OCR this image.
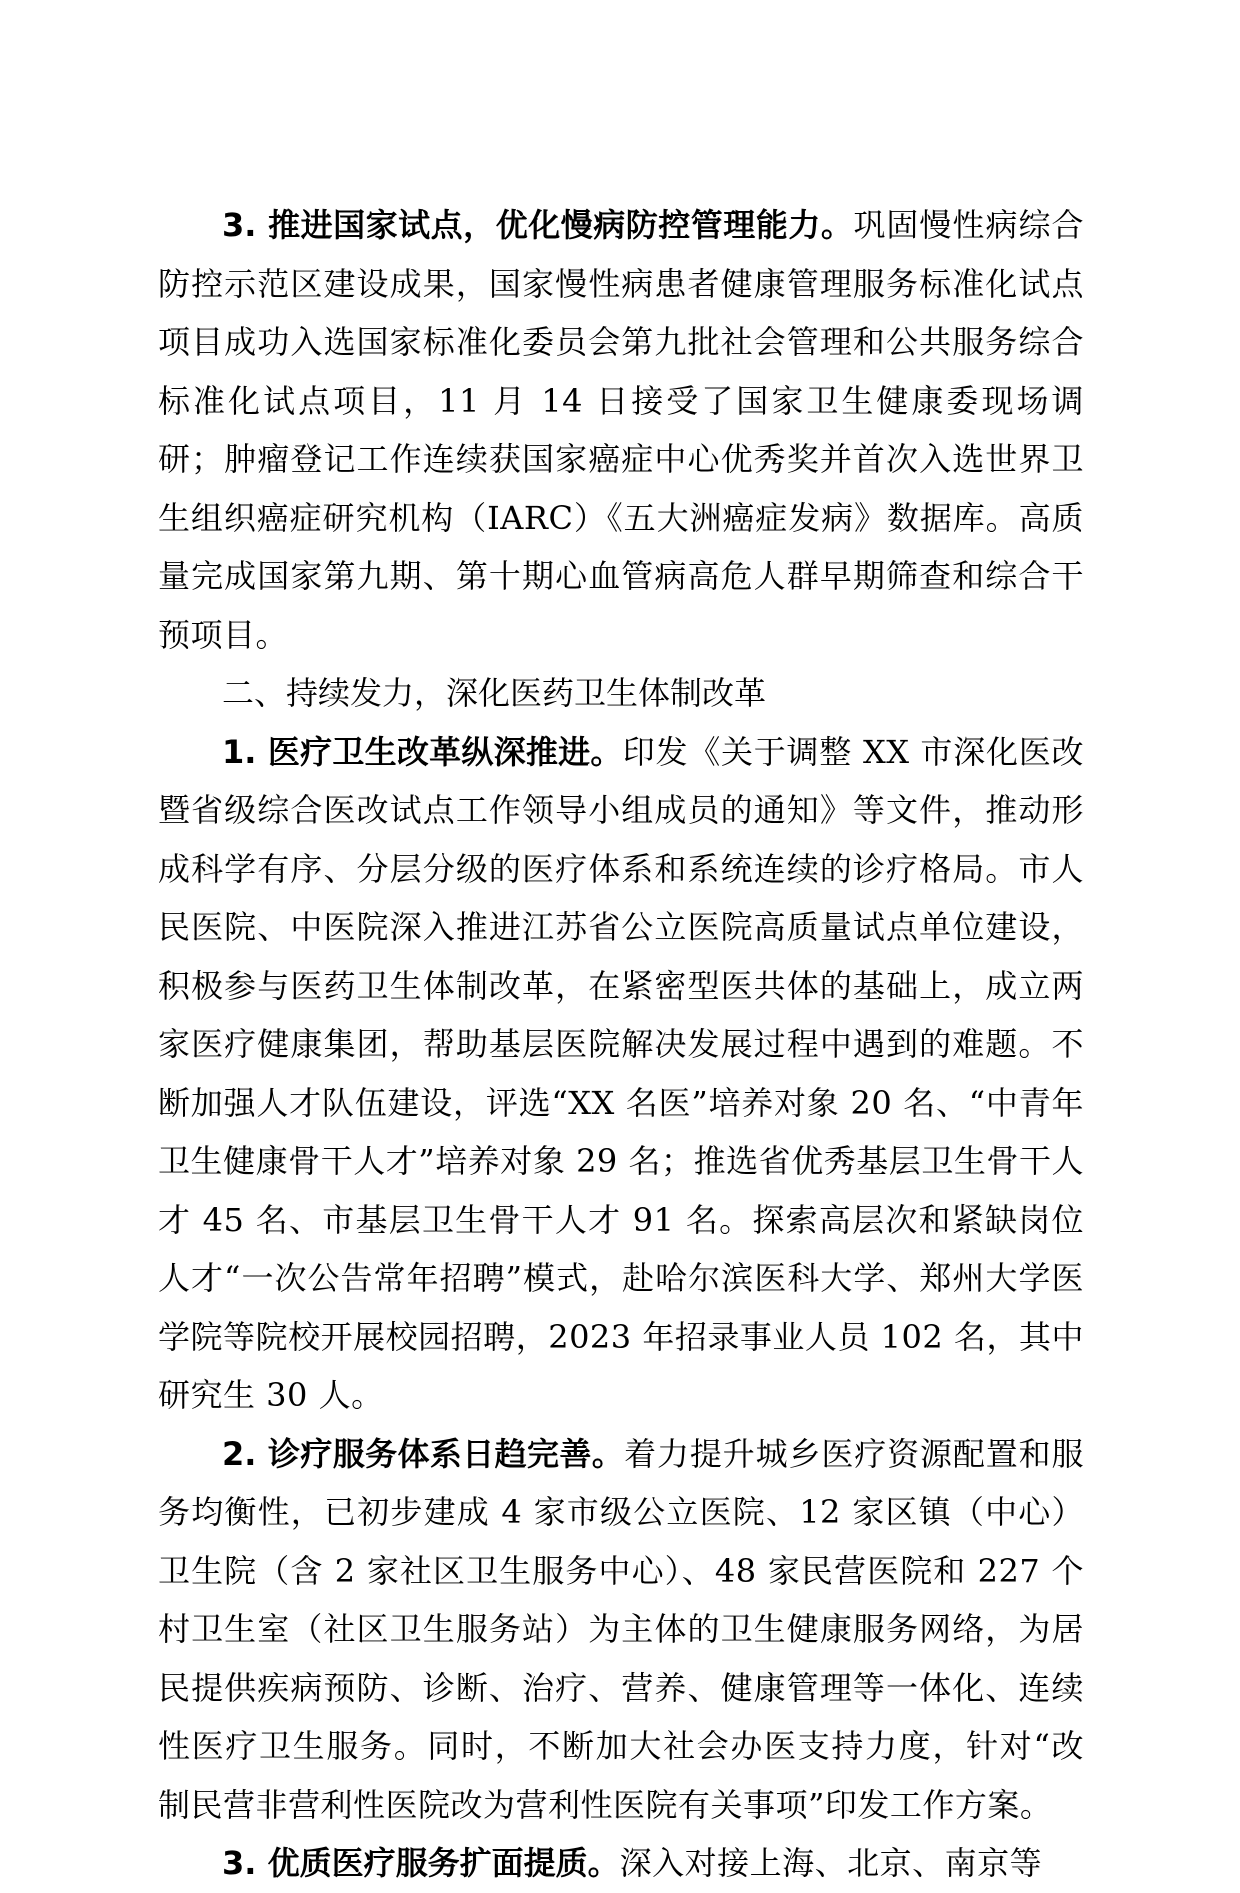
3. 推进国家试点，优化慢病防控管理能力。巩固慢性病综合防控示范区建设成果，国家慢性病患者健康管理服务标准化试点项目成功入选国家标准化委员会第九批社会管理和公共服务综合标准化试点项目，11 月 14 日接受了国家卫生健康委现场调研；肿瘤登记工作连续获国家癌症中心优秀奖并首次入选世界卫生组织癌症研究机构（IARC）《五大洲癌症发病》数据库。高质量完成国家第九期、第十期心血管病高危人群早期筛查和综合干预项目。

二、持续发力，深化医药卫生体制改革

1. 医疗卫生改革纵深推进。印发《关于调整 XX 市深化医改暨省级综合医改试点工作领导小组成员的通知》等文件，推动形成科学有序、分层分级的医疗体系和系统连续的诊疗格局。市人民医院、中医院深入推进江苏省公立医院高质量试点单位建设，积极参与医药卫生体制改革，在紧密型医共体的基础上，成立两家医疗健康集团，帮助基层医院解决发展过程中遇到的难题。不断加强人才队伍建设，评选“XX 名医”培养对象 20 名、“中青年卫生健康骨干人才”培养对象 29 名；推选省优秀基层卫生骨干人才 45 名、市基层卫生骨干人才 91 名。探索高层次和紧缺岗位人才“一次公告常年招聘”模式，赴哈尔滨医科大学、郑州大学医学院等院校开展校园招聘，2023 年招录事业人员 102 名，其中研究生 30 人。

2. 诊疗服务体系日趋完善。着力提升城乡医疗资源配置和服务均衡性，已初步建成 4 家市级公立医院、12 家区镇（中心）卫生院（含 2 家社区卫生服务中心）、48 家民营医院和 227 个村卫生室（社区卫生服务站）为主体的卫生健康服务网络，为居民提供疾病预防、诊断、治疗、营养、健康管理等一体化、连续性医疗卫生服务。同时，不断加大社会办医支持力度，针对“改制民营非营利性医院改为营利性医院有关事项”印发工作方案。

3. 优质医疗服务扩面提质。深入对接上海、北京、南京等
